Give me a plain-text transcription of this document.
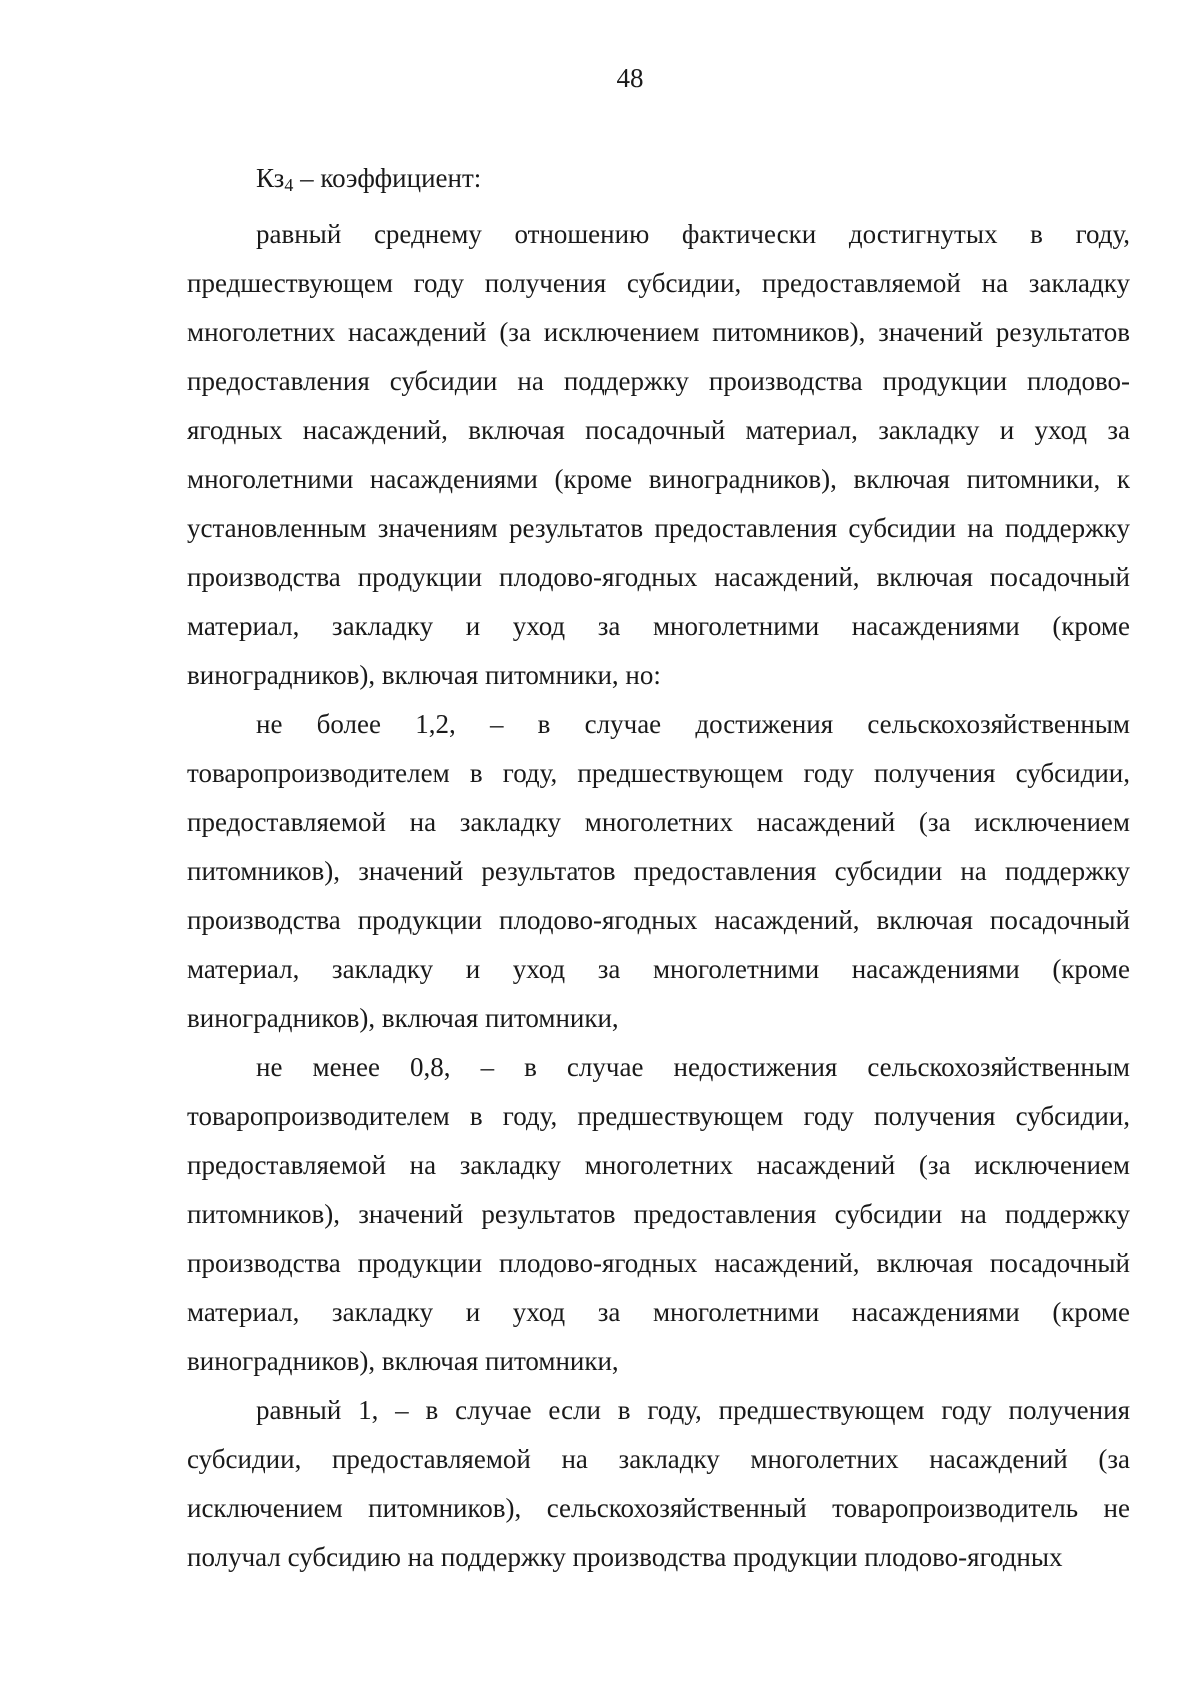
48

$Кз_4$ – коэффициент:

равный среднему отношению фактически достигнутых в году, предшествующем году получения субсидии, предоставляемой на закладку многолетних насаждений (за исключением питомников), значений результатов предоставления субсидии на поддержку производства продукции плодово-ягодных насаждений, включая посадочный материал, закладку и уход за многолетними насаждениями (кроме виноградников), включая питомники, к установленным значениям результатов предоставления субсидии на поддержку производства продукции плодово-ягодных насаждений, включая посадочный материал, закладку и уход за многолетними насаждениями (кроме виноградников), включая питомники, но:

не более 1,2, – в случае достижения сельскохозяйственным товаропроизводителем в году, предшествующем году получения субсидии, предоставляемой на закладку многолетних насаждений (за исключением питомников), значений результатов предоставления субсидии на поддержку производства продукции плодово-ягодных насаждений, включая посадочный материал, закладку и уход за многолетними насаждениями (кроме виноградников), включая питомники,

не менее 0,8, – в случае недостижения сельскохозяйственным товаропроизводителем в году, предшествующем году получения субсидии, предоставляемой на закладку многолетних насаждений (за исключением питомников), значений результатов предоставления субсидии на поддержку производства продукции плодово-ягодных насаждений, включая посадочный материал, закладку и уход за многолетними насаждениями (кроме виноградников), включая питомники,

равный 1, – в случае если в году, предшествующем году получения субсидии, предоставляемой на закладку многолетних насаждений (за исключением питомников), сельскохозяйственный товаропроизводитель не получал субсидию на поддержку производства продукции плодово-ягодных
